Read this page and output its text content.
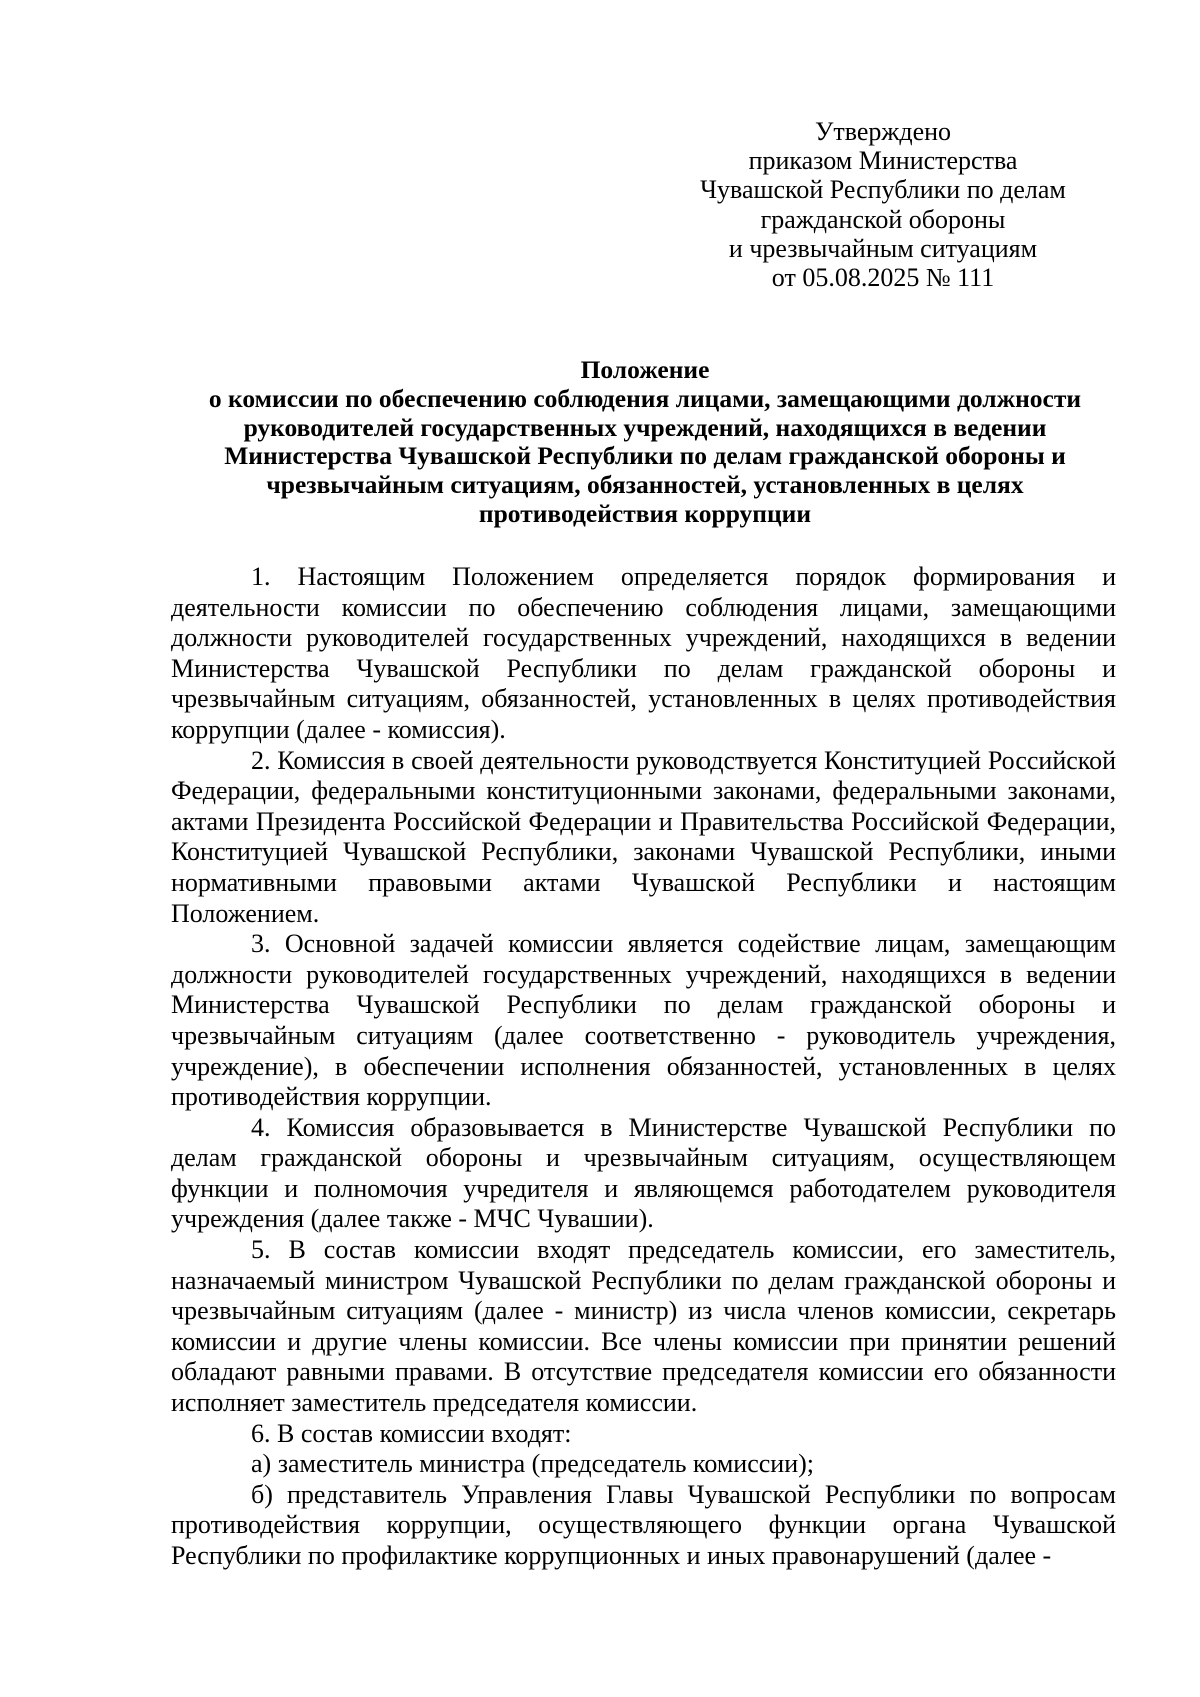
Утверждено
приказом Министерства
Чувашской Республики по делам
гражданской обороны
и чрезвычайным ситуациям
от 05.08.2025 № 111
Положение
о комиссии по обеспечению соблюдения лицами, замещающими должности
руководителей государственных учреждений, находящихся в ведении
Министерства Чувашской Республики по делам гражданской обороны и
чрезвычайным ситуациям, обязанностей, установленных в целях
противодействия коррупции

1. Настоящим Положением определяется порядок формирования и деятельности комиссии по обеспечению соблюдения лицами, замещающими должности руководителей государственных учреждений, находящихся в ведении Министерства Чувашской Республики по делам гражданской обороны и чрезвычайным ситуациям, обязанностей, установленных в целях противодействия коррупции (далее - комиссия).

2. Комиссия в своей деятельности руководствуется Конституцией Российской Федерации, федеральными конституционными законами, федеральными законами, актами Президента Российской Федерации и Правительства Российской Федерации, Конституцией Чувашской Республики, законами Чувашской Республики, иными нормативными правовыми актами Чувашской Республики и настоящим Положением.

3. Основной задачей комиссии является содействие лицам, замещающим должности руководителей государственных учреждений, находящихся в ведении Министерства Чувашской Республики по делам гражданской обороны и чрезвычайным ситуациям (далее соответственно - руководитель учреждения, учреждение), в обеспечении исполнения обязанностей, установленных в целях противодействия коррупции.

4. Комиссия образовывается в Министерстве Чувашской Республики по делам гражданской обороны и чрезвычайным ситуациям, осуществляющем функции и полномочия учредителя и являющемся работодателем руководителя учреждения (далее также - МЧС Чувашии).

5. В состав комиссии входят председатель комиссии, его заместитель, назначаемый министром Чувашской Республики по делам гражданской обороны и чрезвычайным ситуациям (далее - министр) из числа членов комиссии, секретарь комиссии и другие члены комиссии. Все члены комиссии при принятии решений обладают равными правами. В отсутствие председателя комиссии его обязанности исполняет заместитель председателя комиссии.

6. В состав комиссии входят:

а) заместитель министра (председатель комиссии);

б) представитель Управления Главы Чувашской Республики по вопросам противодействия коррупции, осуществляющего функции органа Чувашской Республики по профилактике коррупционных и иных правонарушений (далее -
